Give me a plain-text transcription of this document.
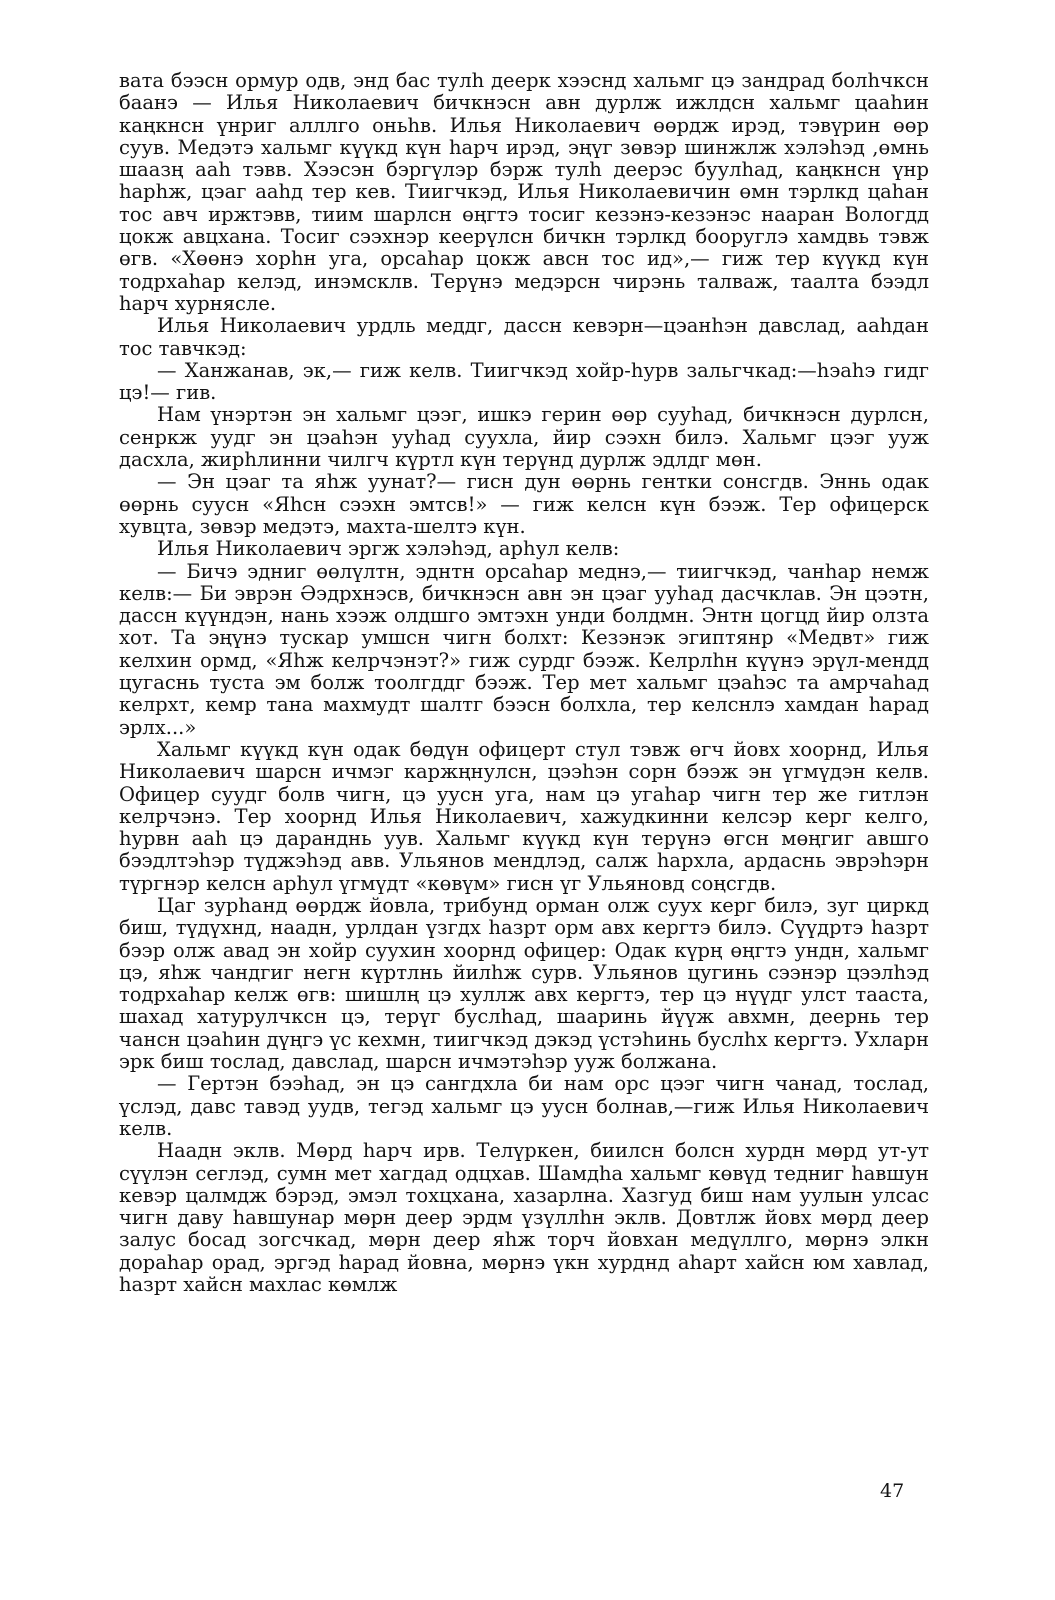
вата бээсн ормур одв, энд бас тулh деерк хээснд хальмг цэ зандрад болhчксн баанэ — Илья Николаевич бичкнэсн авн дурлж ижлдсн хальмг цааhин каңкнсн үнриг алллго оньhв. Илья Николаевич өөрдж ирэд, тэвүрин өөр суув. Медэтэ хальмг күүкд күн hарч ирэд, эңүг зөвэр шинжлж хэлэhэд ,өмнь шаазң ааh тэвв. Хээсэн бэргүлэр бэрж тулh деерэс буулhад, каңкнсн үнр hарhж, цэаг ааhд тер кев. Тиигчкэд, Илья Николаевичин өмн тэрлкд цаhан тос авч иржтэвв, тиим шарлсн өңгтэ тосиг кезэнэ-кезэнэс нааран Вологдд цокж авцхана. Тосиг сээхнэр кеерүлсн бичкн тэрлкд бооруглэ хамдвь тэвж өгв. «Хөөнэ хорhн уга, орсаhар цокж авсн тос ид»,— гиж тер күүкд күн тодрхаhар келэд, инэмсклв. Терүнэ медэрсн чирэнь талваж, таалта бээдл hарч хурнясле.

Илья Николаевич урдль меддг, дассн кевэрн—цэaнhэн давслад, ааhдан тос тавчкэд:

— Ханжанав, эк,— гиж келв. Тиигчкэд хойр-hурв зальгчкад:—hэahэ гидг цэ!— гив.

Нам үнэртэн эн хальмг цээг, ишкэ герин өөр сууhад, бичкнэсн дурлсн, сенркж уудг эн цэahэн ууhад суухла, йир сээхн билэ. Хальмг цээг ууж дасхла, жирhлинни чилгч күртл күн терүнд дурлж эдлдг мөн.

— Эн цэаг та яhж уунат?— гисн дун өөрнь гентки сонсгдв. Эннь одак өөрнь суусн «Яhсн сээхн эмтсв!» — гиж келсн күн бээж. Тер офицерск хувцта, зөвэр медэтэ, махта-шелтэ күн.

Илья Николаевич эргж хэлэhэд, арhул келв:

— Бичэ эдниг өөлүлтн, эднтн орсаhар меднэ,— тиигчкэд, чанhар немж келв:— Би эврэн Әэдрхнэсв, бичкнэсн авн эн цэаг ууhад дасчклав. Эн цээтн, дассн күүндэн, нань хээж олдшго эмтэхн унди болдмн. Энтн цогцд йир олзта хот. Та эңүнэ тускар умшсн чигн болхт: Кезэнэк эгиптянр «Медвт» гиж келхин ормд, «Яhж келрчэнэт?» гиж сурдг бээж. Келрлhн күүнэ эрүл-мендд цугаснь туста эм болж тоолгддг бээж. Тер мет хальмг цэahэс та амрчаhад келрхт, кемр тана махмудт шалтг бээсн болхла, тер келснлэ хамдан hарад эрлх...»

Хальмг күүкд күн одак бөдүн офицерт стул тэвж өгч йовх хоорнд, Илья Николаевич шарсн ичмэг кaржңнулсн, цээhэн сорн бээж эн үгмүдэн келв. Офицер суудг болв чигн, цэ уусн уга, нам цэ угаhар чигн тер же гитлэн келрчэнэ. Тер хоорнд Илья Николаевич, хажудкинни келсэр керг келго, hурвн ааh цэ даранднь уув. Хальмг күүкд күн терүнэ өгсн мөңгиг авшго бээдлтэhэр түджэhэд авв. Ульянов мендлэд, салж hарxла, ардаснь эврэhэрн түргнэр келсн арhул үгмүдт «көвүм» гисн үг Ульяновд соңсгдв.

Цаг зурhанд өөрдж йовла, трибунд орман олж суух керг билэ, зуг циркд биш, түдүхнд, наадн, урлдан үзгдх hазрт орм авх кергтэ билэ. Сүүдртэ hазрт бээр олж авад эн хойр суухин хоорнд офицер: Одак күрң өңгтэ ундн, хальмг цэ, яhж чандгиг негн күртлнь йилhж сурв. Ульянов цугинь сээнэр цээлhэд тодрхаhар келж өгв: шишлң цэ хуллж авх кергтэ, тер цэ нүүдг улст тааста, шахад хатурулчксн цэ, терүг буслhад, шааринь йүүж авхмн, деернь тер чансн цэahин дүңгэ үс кехмн, тиигчкэд дэкэд үстэhинь буслhх кергтэ. Ухларн эрк биш тослад, давслад, шарсн ичмэтэhэр ууж болжана.

— Гертэн бээhад, эн цэ сангдхла би нам орс цээг чигн чанад, тослад, үслэд, давс тавэд уудв, тегэд хальмг цэ уусн болнав,—гиж Илья Николаевич келв.

Наадн эклв. Мөрд hарч ирв. Телүркен, биилсн болсн хурдн мөрд ут-ут сүүлэн сеглэд, сумн мет хагдад одцхав. Шамдhа хальмг көвүд тедниг hавшун кевэр цалмдж бэрэд, эмэл тохцхана, хазарлна. Хазгуд биш нам уулын улсас чигн даву hавшунар мөрн деер эрдм үзүллhн эклв. Довтлж йовх мөрд деер залус босад зогсчкад, мөрн деер яhж торч йовхан медүллго, мөрнэ элкн дораhар орад, эргэд hарад йовна, мөрнэ үкн хурднд аhарт хайсн юм хавлад, hазрт хайсн махлас көмлж

47
